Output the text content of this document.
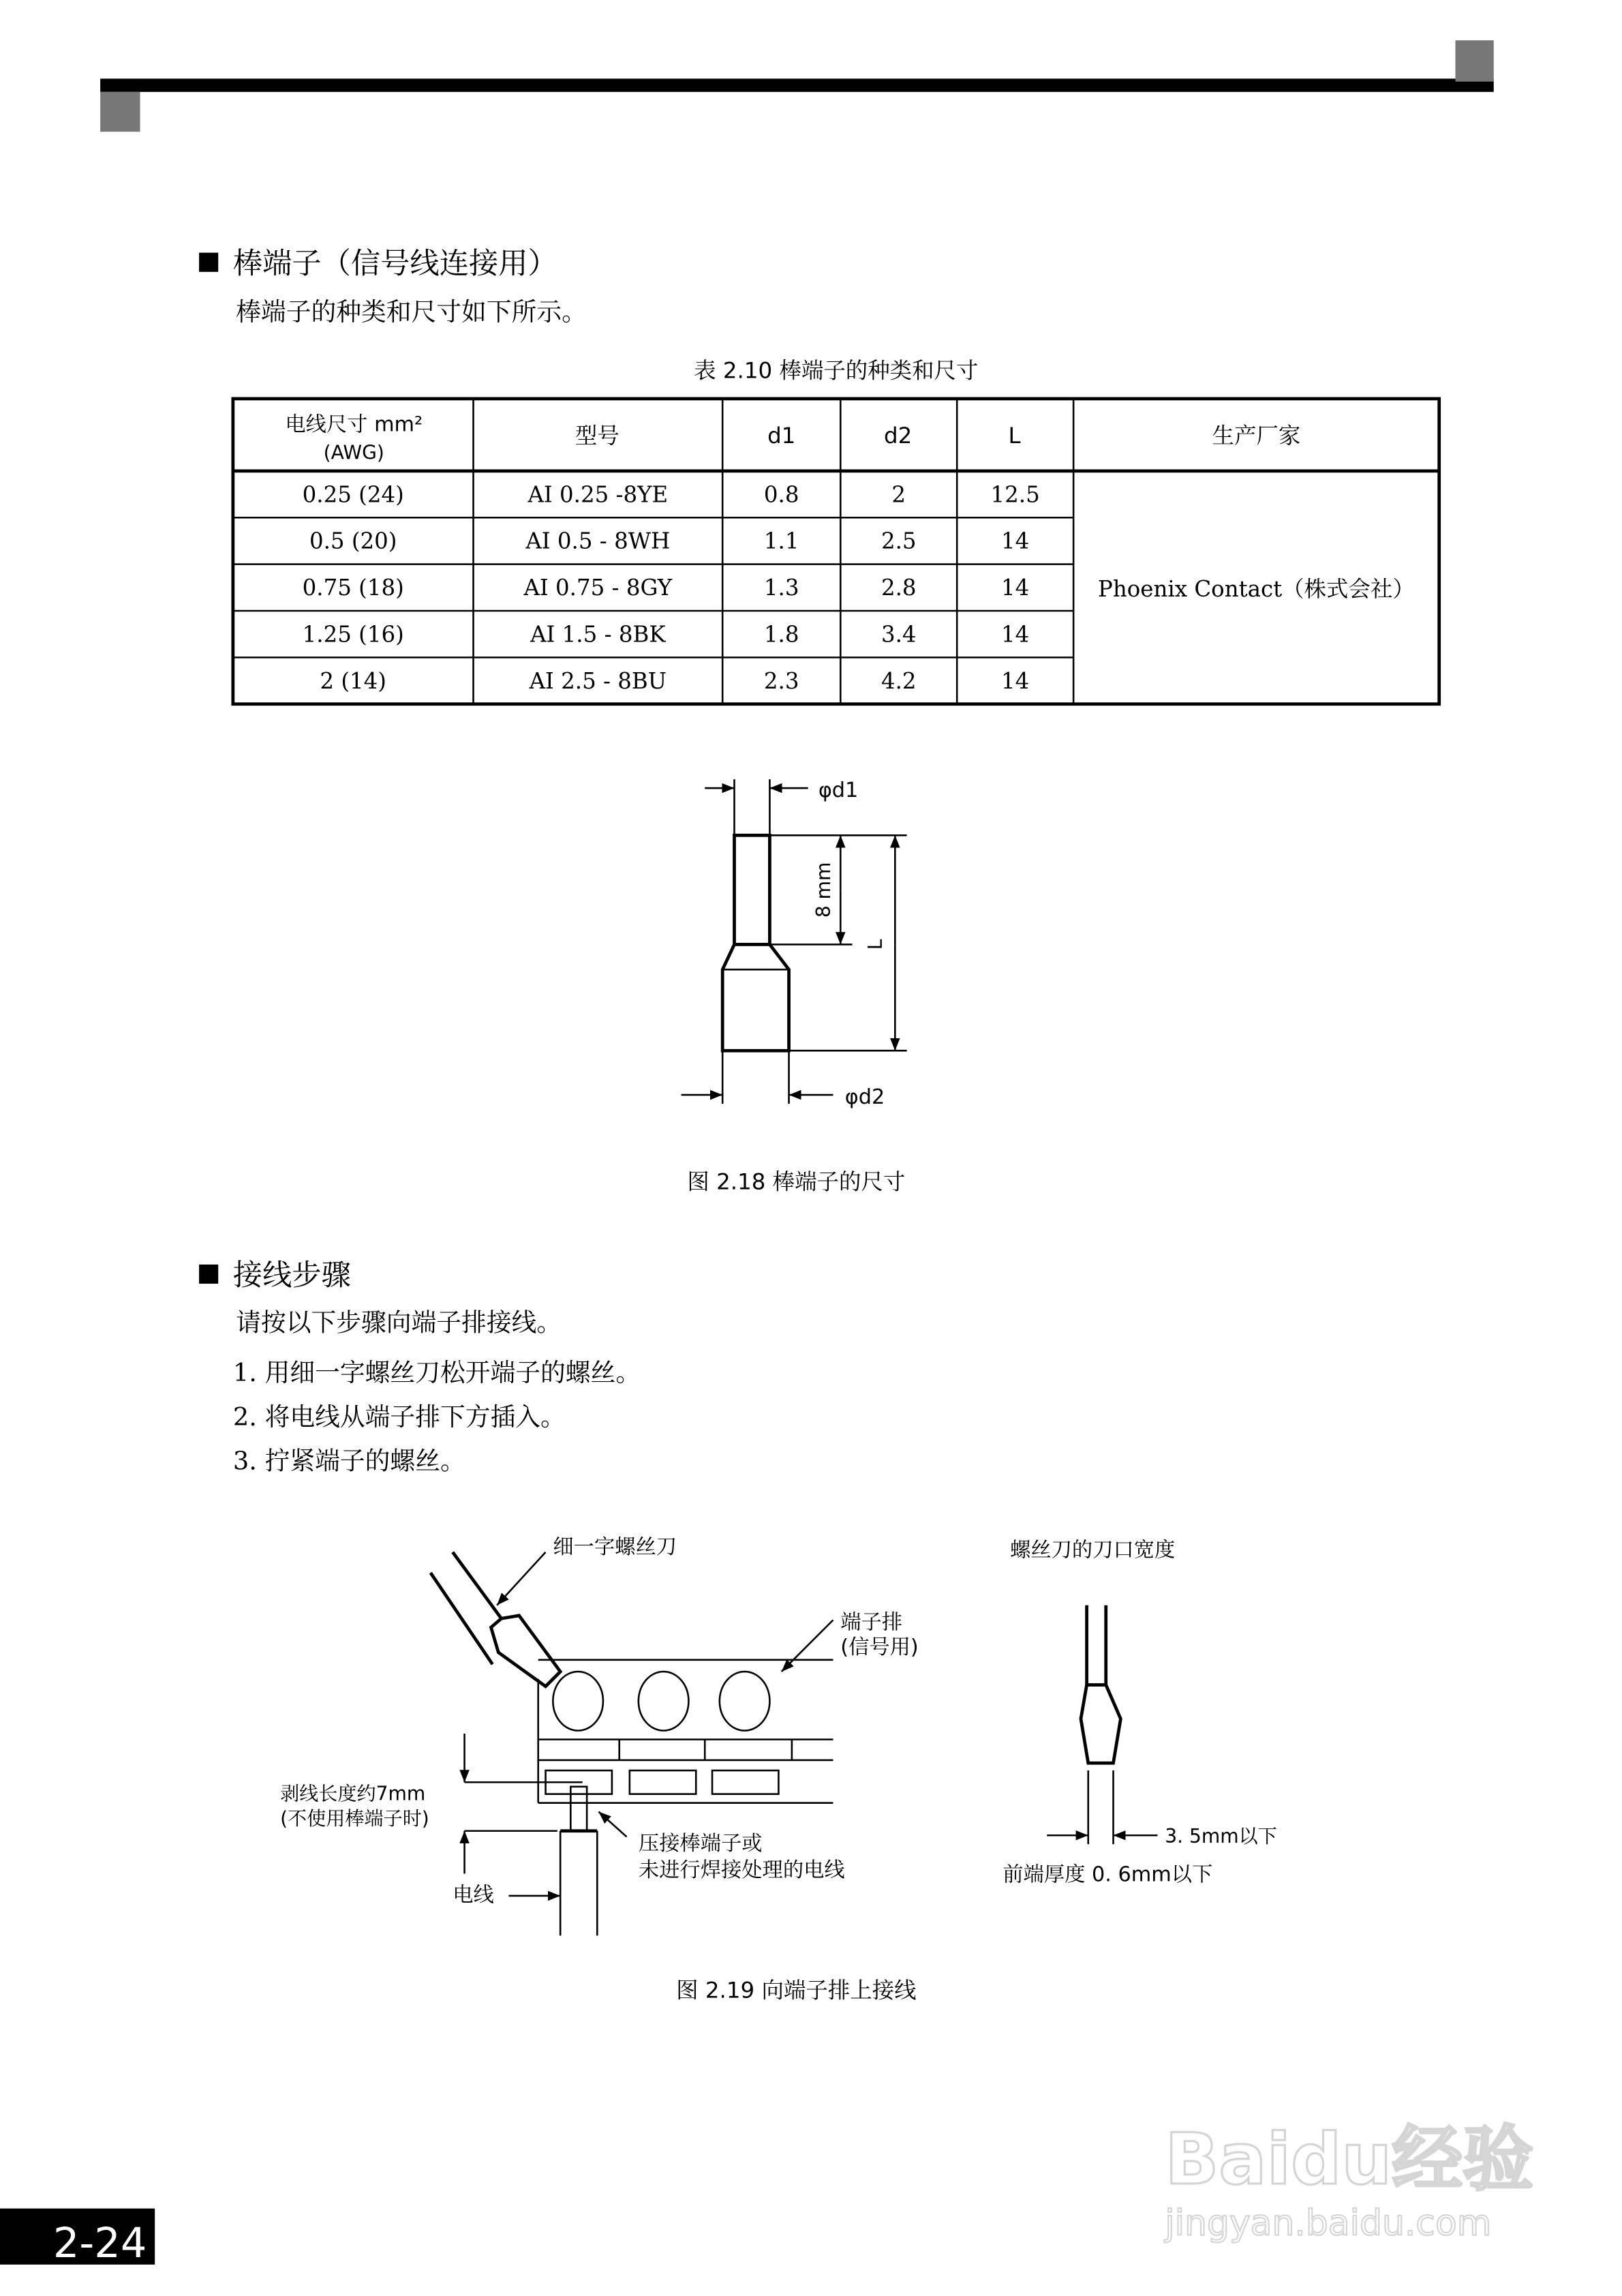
棒端子（信号线连接用）
棒端子的种类和尺寸如下所示。
表 2.10 棒端子的种类和尺寸
电线尺寸 mm²
(AWG)
型号	d1	d2	L	生产厂家
0.25 (24)	AI 0.25 -8YE	0.8	2	12.5
0.5 (20)	AI 0.5 - 8WH	1.1	2.5	14
0.75 (18)	AI 0.75 - 8GY	1.3	2.8	14
1.25 (16)	AI 1.5 - 8BK	1.8	3.4	14
2 (14)	AI 2.5 - 8BU	2.3	4.2	14
Phoenix Contact（株式会社）
φd1
8 mm
L
φd2
图 2.18 棒端子的尺寸
接线步骤
请按以下步骤向端子排接线。
1. 用细一字螺丝刀松开端子的螺丝。
2. 将电线从端子排下方插入。
3. 拧紧端子的螺丝。
细一字螺丝刀
端子排
(信号用)
剥线长度约7mm
(不使用棒端子时)
压接棒端子或
未进行焊接处理的电线
电线
螺丝刀的刀口宽度
3. 5mm以下
前端厚度 0. 6mm以下
图 2.19 向端子排上接线
Baidu经验
jingyan.baidu.com
2-24
